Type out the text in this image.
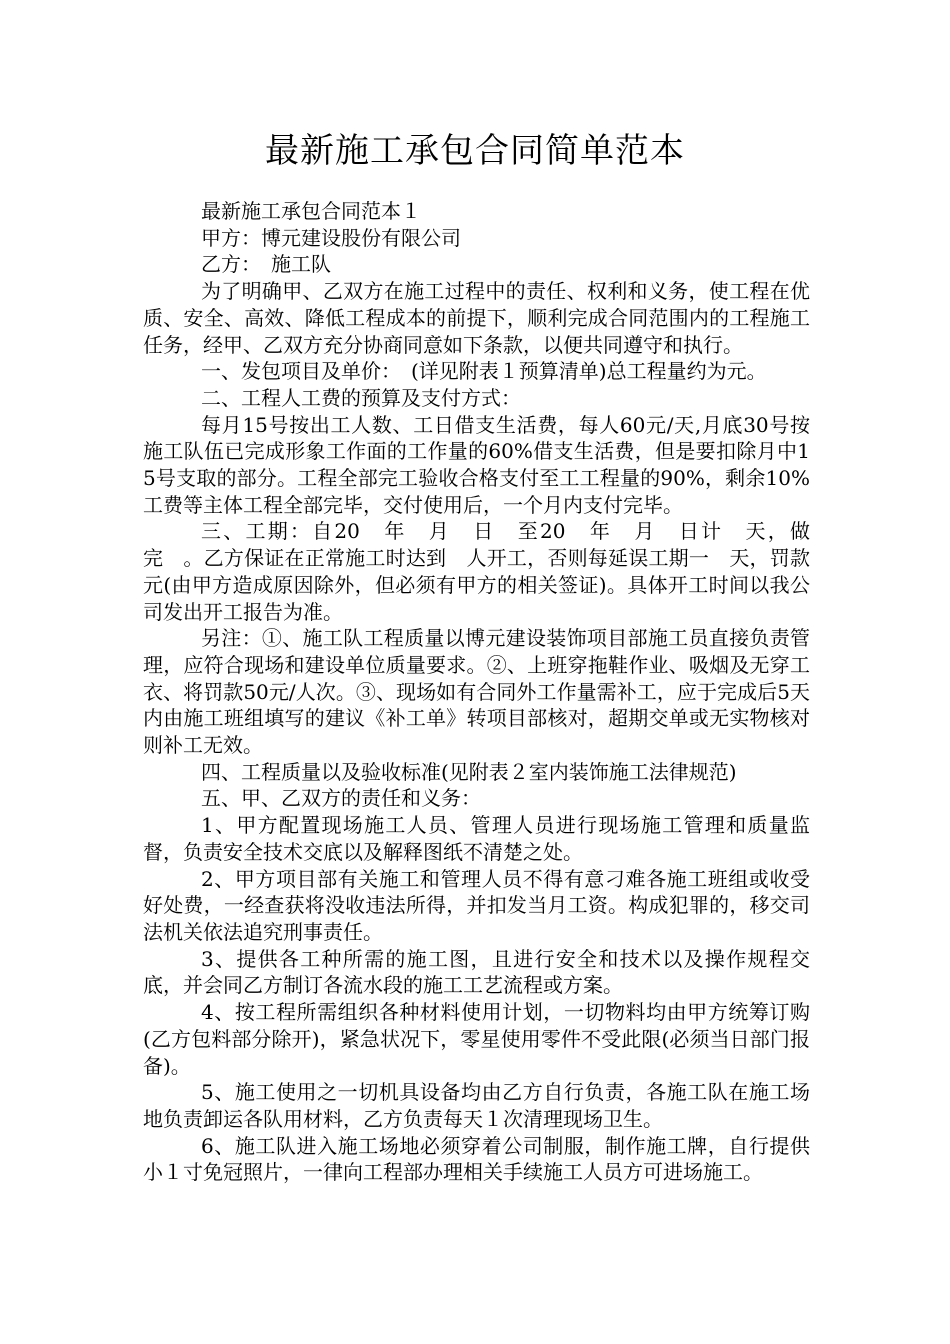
最新施工承包合同简单范本

最新施工承包合同范本１

甲方：博元建设股份有限公司

乙方：　施工队

为了明确甲、乙双方在施工过程中的责任、权利和义务，使工程在优质、安全、高效、降低工程成本的前提下，顺利完成合同范围内的工程施工任务，经甲、乙双方充分协商同意如下条款，以便共同遵守和执行。

一、发包项目及单价：　(详见附表１预算清单)总工程量约为元。

二、工程人工费的预算及支付方式：

每月15号按出工人数、工日借支生活费，每人60元/天,月底30号按施工队伍已完成形象工作面的工作量的60%借支生活费，但是要扣除月中15号支取的部分。工程全部完工验收合格支付至工工程量的90%，剩余10%工费等主体工程全部完毕，交付使用后，一个月内支付完毕。

三、工期：自20　年　月　日　至20　年　月　日计　天，做　完　。乙方保证在正常施工时达到　人开工，否则每延误工期一　天，罚款元(由甲方造成原因除外，但必须有甲方的相关签证)。具体开工时间以我公司发出开工报告为准。

另注：①、施工队工程质量以博元建设装饰项目部施工员直接负责管理，应符合现场和建设单位质量要求。②、上班穿拖鞋作业、吸烟及无穿工衣、将罚款50元/人次。③、现场如有合同外工作量需补工，应于完成后5天内由施工班组填写的建议《补工单》转项目部核对，超期交单或无实物核对则补工无效。

四、工程质量以及验收标准(见附表２室内装饰施工法律规范)

五、甲、乙双方的责任和义务：

1、甲方配置现场施工人员、管理人员进行现场施工管理和质量监督，负责安全技术交底以及解释图纸不清楚之处。

2、甲方项目部有关施工和管理人员不得有意刁难各施工班组或收受好处费，一经查获将没收违法所得，并扣发当月工资。构成犯罪的，移交司法机关依法追究刑事责任。

3、提供各工种所需的施工图，且进行安全和技术以及操作规程交底，并会同乙方制订各流水段的施工工艺流程或方案。

4、按工程所需组织各种材料使用计划，一切物料均由甲方统筹订购(乙方包料部分除开)，紧急状况下，零星使用零件不受此限(必须当日部门报备)。

5、施工使用之一切机具设备均由乙方自行负责，各施工队在施工场地负责卸运各队用材料，乙方负责每天１次清理现场卫生。

6、施工队进入施工场地必须穿着公司制服，制作施工牌，自行提供小１寸免冠照片，一律向工程部办理相关手续施工人员方可进场施工。
